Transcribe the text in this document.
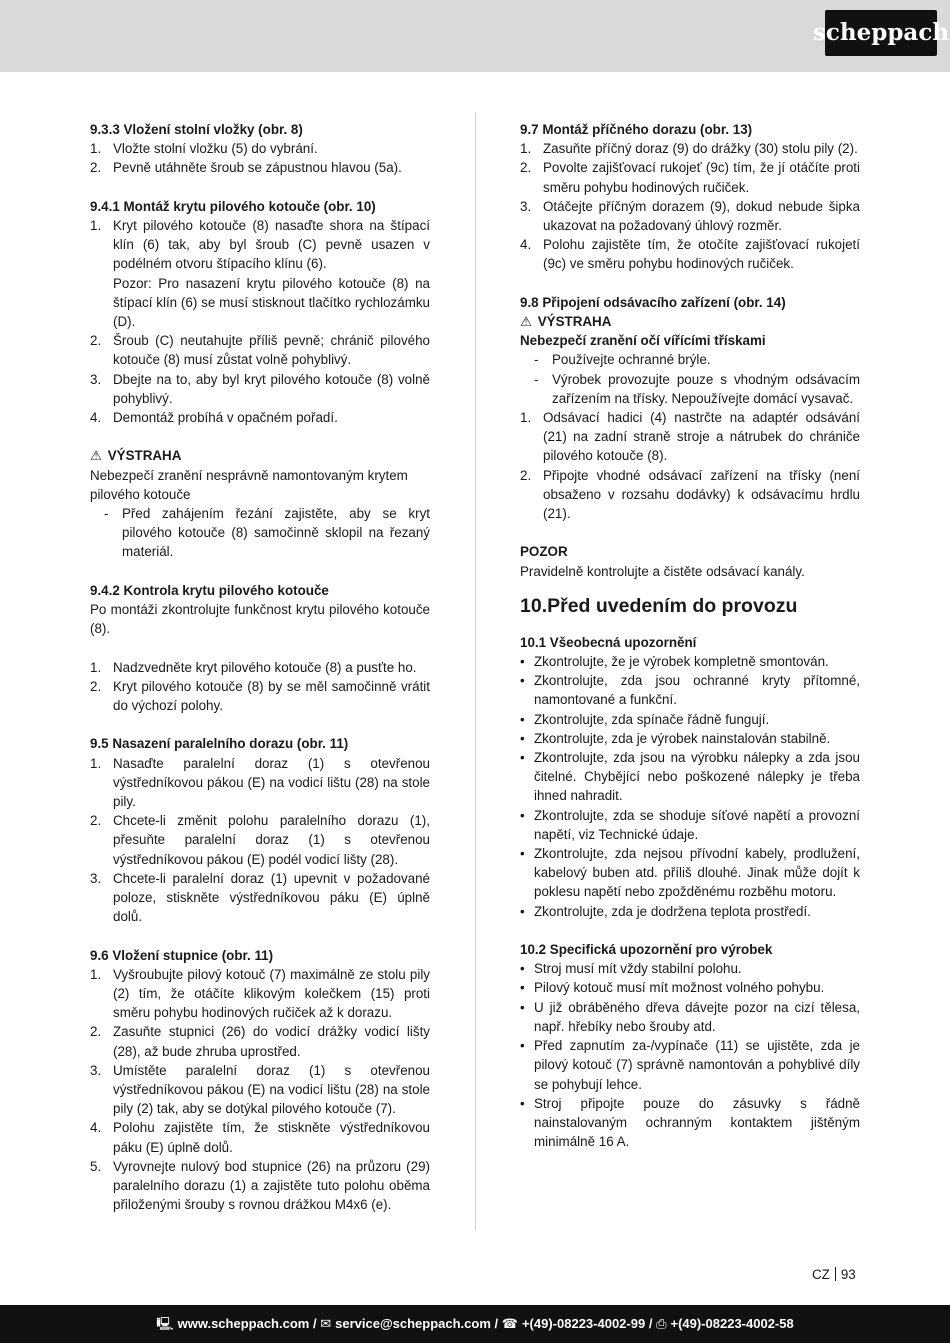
scheppach
9.3.3 Vložení stolní vložky (obr. 8)
1. Vložte stolní vložku (5) do vybrání.
2. Pevně utáhněte šroub se zápustnou hlavou (5a).
9.4.1 Montáž krytu pilového kotouče (obr. 10)
1. Kryt pilového kotouče (8) nasaďte shora na štípací klín (6) tak, aby byl šroub (C) pevně usazen v podélném otvoru štípacího klínu (6).
Pozor: Pro nasazení krytu pilového kotouče (8) na štípací klín (6) se musí stisknout tlačítko rychlozámku (D).
2. Šroub (C) neutahujte příliš pevně; chránič pilového kotouče (8) musí zůstat volně pohyblivý.
3. Dbejte na to, aby byl kryt pilového kotouče (8) volně pohyblivý.
4. Demontáž probíhá v opačném pořadí.
⚠ VÝSTRAHA

Nebezpečí zranění nesprávně namontovaným krytem pilového kotouče

- Před zahájením řezání zajistěte, aby se kryt pilového kotouče (8) samočinně sklopil na řezaný materiál.
9.4.2 Kontrola krytu pilového kotouče

Po montáži zkontrolujte funkčnost krytu pilového kotouče (8).

1. Nadzvedněte kryt pilového kotouče (8) a pusťte ho.
2. Kryt pilového kotouče (8) by se měl samočinně vrátit do výchozí polohy.
9.5 Nasazení paralelního dorazu (obr. 11)
1. Nasaďte paralelní doraz (1) s otevřenou výstředníkovou pákou (E) na vodicí lištu (28) na stole pily.
2. Chcete-li změnit polohu paralelního dorazu (1), přesuňte paralelní doraz (1) s otevřenou výstředníkovou pákou (E) podél vodicí lišty (28).
3. Chcete-li paralelní doraz (1) upevnit v požadované poloze, stiskněte výstředníkovou páku (E) úplně dolů.
9.6 Vložení stupnice (obr. 11)
1. Vyšroubujte pilový kotouč (7) maximálně ze stolu pily (2) tím, že otáčíte klikovým kolečkem (15) proti směru pohybu hodinových ručiček až k dorazu.
2. Zasuňte stupnici (26) do vodicí drážky vodicí lišty (28), až bude zhruba uprostřed.
3. Umístěte paralelní doraz (1) s otevřenou výstředníkovou pákou (E) na vodicí lištu (28) na stole pily (2) tak, aby se dotýkal pilového kotouče (7).
4. Polohu zajistěte tím, že stiskněte výstředníkovou páku (E) úplně dolů.
5. Vyrovnejte nulový bod stupnice (26) na průzoru (29) paralelního dorazu (1) a zajistěte tuto polohu oběma přiloženými šrouby s rovnou drážkou M4x6 (e).
9.7 Montáž příčného dorazu (obr. 13)
1. Zasuňte příčný doraz (9) do drážky (30) stolu pily (2).
2. Povolte zajišťovací rukojeť (9c) tím, že jí otáčíte proti směru pohybu hodinových ručiček.
3. Otáčejte příčným dorazem (9), dokud nebude šipka ukazovat na požadovaný úhlový rozměr.
4. Polohu zajistěte tím, že otočíte zajišťovací rukojetí (9c) ve směru pohybu hodinových ručiček.
9.8 Připojení odsávacího zařízení (obr. 14)
⚠ VÝSTRAHA
Nebezpečí zranění očí vířícími třískami
- Používejte ochranné brýle.
- Výrobek provozujte pouze s vhodným odsávacím zařízením na třísky. Nepoužívejte domácí vysavač.
1. Odsávací hadici (4) nastrčte na adaptér odsávání (21) na zadní straně stroje a nátrubek do chrániče pilového kotouče (8).
2. Připojte vhodné odsávací zařízení na třísky (není obsaženo v rozsahu dodávky) k odsávacímu hrdlu (21).
POZOR

Pravidelně kontrolujte a čistěte odsávací kanály.

10.Před uvedením do provozu
10.1 Všeobecná upozornění
• Zkontrolujte, že je výrobek kompletně smontován.
• Zkontrolujte, zda jsou ochranné kryty přítomné, namontované a funkční.
• Zkontrolujte, zda spínače řádně fungují.
• Zkontrolujte, zda je výrobek nainstalován stabilně.
• Zkontrolujte, zda jsou na výrobku nálepky a zda jsou čitelné. Chybějící nebo poškozené nálepky je třeba ihned nahradit.
• Zkontrolujte, zda se shoduje síťové napětí a provozní napětí, viz Technické údaje.
• Zkontrolujte, zda nejsou přívodní kabely, prodlužení, kabelový buben atd. příliš dlouhé. Jinak může dojít k poklesu napětí nebo zpožděnému rozběhu motoru.
• Zkontrolujte, zda je dodržena teplota prostředí.
10.2 Specifická upozornění pro výrobek
• Stroj musí mít vždy stabilní polohu.
• Pilový kotouč musí mít možnost volného pohybu.
• U již obráběného dřeva dávejte pozor na cizí tělesa, např. hřebíky nebo šrouby atd.
• Před zapnutím za-/vypínače (11) se ujistěte, zda je pilový kotouč (7) správně namontován a pohyblivé díly se pohybují lehce.
• Stroj připojte pouze do zásuvky s řádně nainstalovaným ochranným kontaktem jištěným minimálně 16 A.
CZ 93
🖳 www.scheppach.com
/
✉ service@scheppach.com
/
☎ +(49)-08223-4002-99
/
⎙ +(49)-08223-4002-58
